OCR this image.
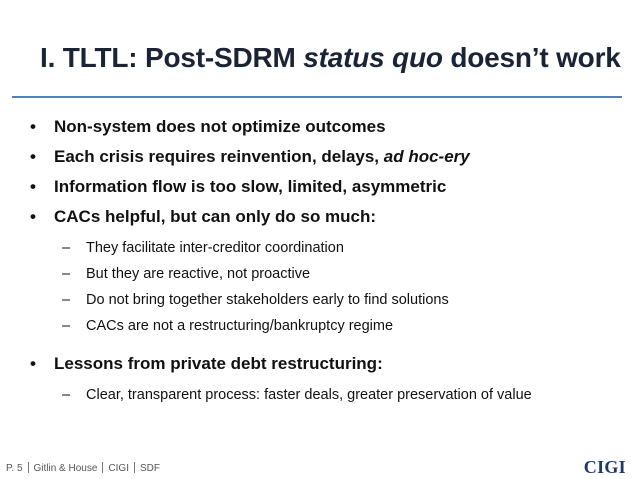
I. TLTL: Post-SDRM status quo doesn’t work
• Non-system does not optimize outcomes
• Each crisis requires reinvention, delays, ad hoc-ery
• Information flow is too slow, limited, asymmetric
• CACs helpful, but can only do so much:
– They facilitate inter-creditor coordination
– But they are reactive, not proactive
– Do not bring together stakeholders early to find solutions
– CACs are not a restructuring/bankruptcy regime
• Lessons from private debt restructuring:
– Clear, transparent process: faster deals, greater preservation of value
P. 5 Gitlin & House CIGI SDF	CIGI
